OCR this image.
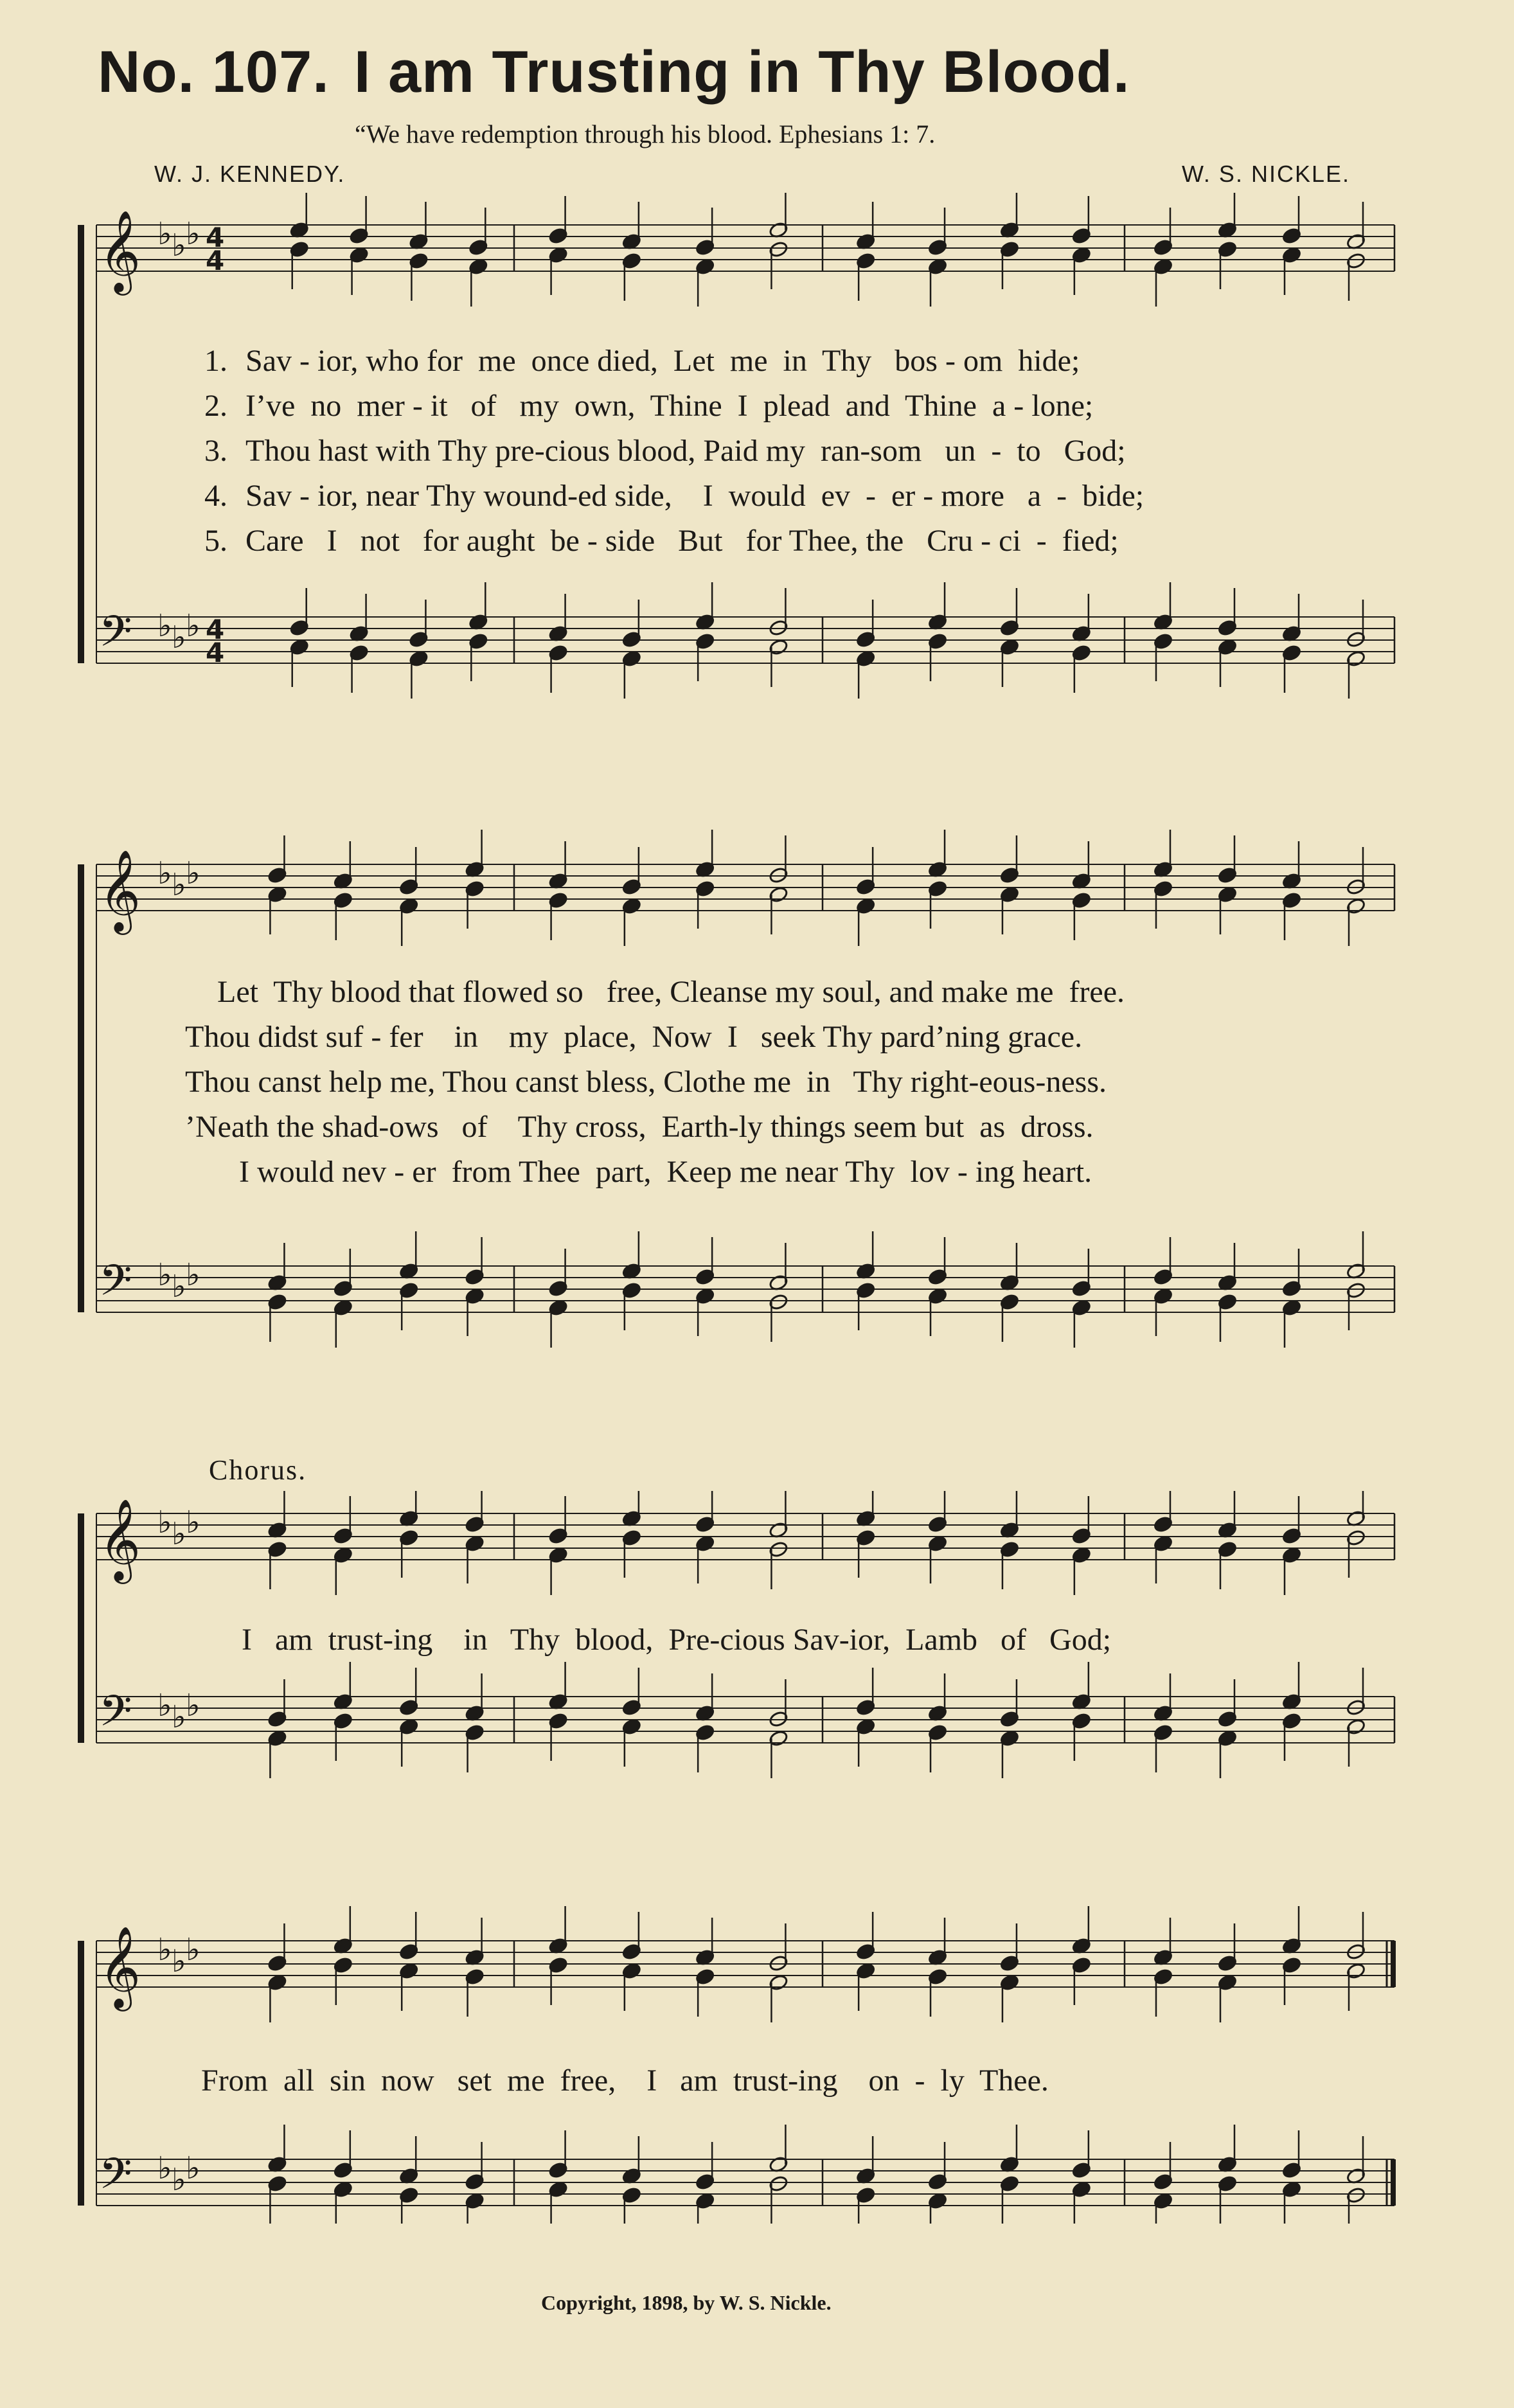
No. 107. I am Trusting in Thy Blood.
“We have redemption through his blood. Ephesians 1: 7.
W. J. KENNEDY.	W. S. NICKLE.
𝄞 ♭ ♭ ♭ 4
4
𝄢 ♭ ♭ ♭ 4
4
1. Sav - ior, who for  me  once died,  Let  me  in  Thy   bos - om  hide;
2. I’ve  no  mer - it   of   my  own,  Thine  I  plead  and  Thine  a - lone;
3. Thou hast with Thy pre-cious blood, Paid my  ran-som   un  -  to   God;
4. Sav - ior, near Thy wound-ed side,    I  would  ev  -  er - more   a  -  bide;
5. Care   I   not   for aught  be - side   But   for Thee, the   Cru - ci  -  fied;
𝄞 ♭ ♭ ♭
𝄢 ♭ ♭ ♭
Let  Thy blood that flowed so   free, Cleanse my soul, and make me  free.
Thou didst suf - fer    in    my  place,  Now  I   seek Thy pard’ning grace.
Thou canst help me, Thou canst bless, Clothe me  in   Thy right-eous-ness.
’Neath the shad-ows   of    Thy cross,  Earth-ly things seem but  as  dross.
I would nev - er  from Thee  part,  Keep me near Thy  lov - ing heart.
Chorus.
𝄞 ♭ ♭ ♭
𝄢 ♭ ♭ ♭
I   am  trust-ing    in   Thy  blood,  Pre-cious Sav-ior,  Lamb   of   God;
𝄞 ♭ ♭ ♭
𝄢 ♭ ♭ ♭
From  all  sin  now   set  me  free,    I   am  trust-ing    on  -  ly  Thee.
Copyright, 1898, by W. S. Nickle.
